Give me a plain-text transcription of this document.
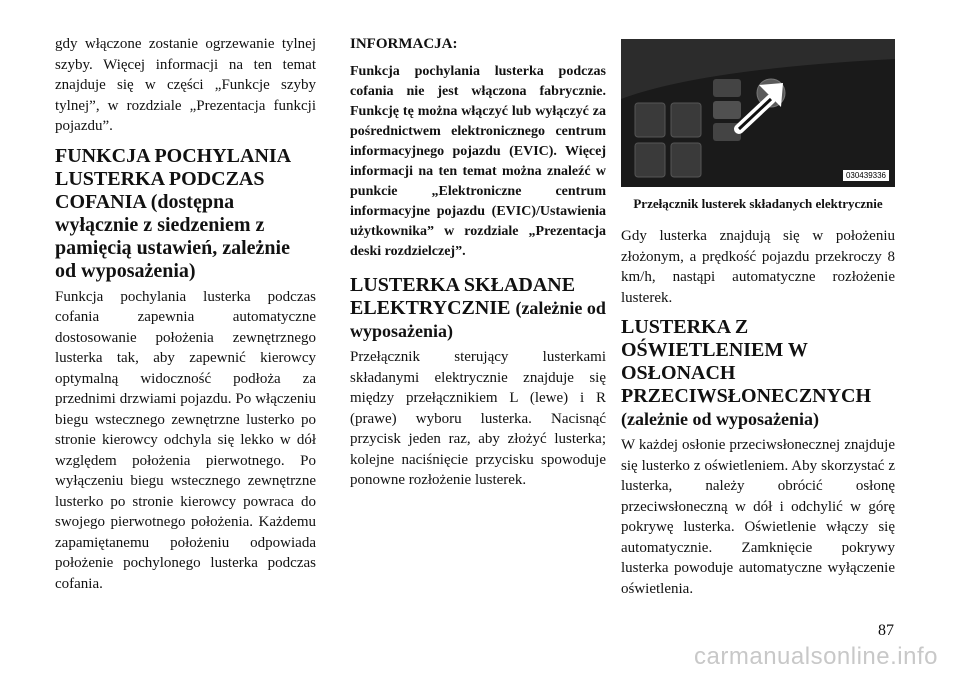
gdy włączone zostanie ogrzewanie tylnej szyby. Więcej informacji na ten temat znajduje się w części „Funkcje szyby tylnej”, w rozdziale „Prezentacja funkcji pojazdu”.

FUNKCJA POCHYLANIA LUSTERKA PODCZAS COFANIA (dostępna wyłącznie z siedzeniem z pamięcią ustawień, zależnie od wyposażenia)

Funkcja pochylania lusterka podczas cofania zapewnia automatyczne dostosowanie położenia zewnętrznego lusterka tak, aby zapewnić kierowcy optymalną widoczność podłoża za przednimi drzwiami pojazdu. Po włączeniu biegu wstecznego zewnętrzne lusterko po stronie kierowcy odchyla się lekko w dół względem położenia pierwotnego. Po wyłączeniu biegu wstecznego zewnętrzne lusterko po stronie kierowcy powraca do swojego pierwotnego położenia. Każdemu zapamiętanemu położeniu odpowiada położenie pochylonego lusterka podczas cofania.

INFORMACJA:
Funkcja pochylania lusterka podczas cofania nie jest włączona fabrycznie. Funkcję tę można włączyć lub wyłączyć za pośrednictwem elektronicznego centrum informacyjnego pojazdu (EVIC). Więcej informacji na ten temat można znaleźć w punkcie „Elektroniczne centrum informacyjne pojazdu (EVIC)/Ustawienia użytkownika” w rozdziale „Prezentacja deski rozdzielczej”.
LUSTERKA SKŁADANE ELEKTRYCZNIE (zależnie od wyposażenia)

Przełącznik sterujący lusterkami składanymi elektrycznie znajduje się między przełącznikiem L (lewe) i R (prawe) wyboru lusterka. Nacisnąć przycisk jeden raz, aby złożyć lusterka; kolejne naciśnięcie przycisku spowoduje ponowne rozłożenie lusterek.

030439336
Przełącznik lusterek składanych elektrycznie

Gdy lusterka znajdują się w położeniu złożonym, a prędkość pojazdu przekroczy 8 km/h, nastąpi automatyczne rozłożenie lusterek.

LUSTERKA Z OŚWIETLENIEM W OSŁONACH PRZECIWSŁONECZNYCH (zależnie od wyposażenia)

W każdej osłonie przeciwsłonecznej znajduje się lusterko z oświetleniem. Aby skorzystać z lusterka, należy obrócić osłonę przeciwsłoneczną w dół i odchylić w górę pokrywę lusterka. Oświetlenie włączy się automatycznie. Zamknięcie pokrywy lusterka powoduje automatyczne wyłączenie oświetlenia.

87
carmanualsonline.info
